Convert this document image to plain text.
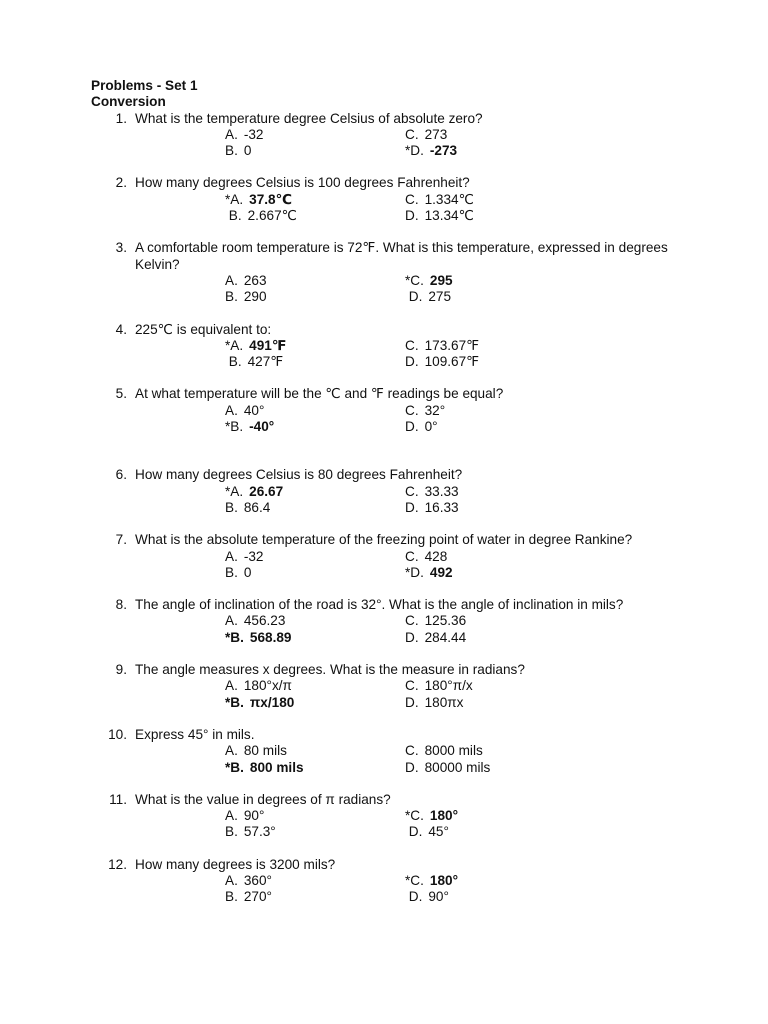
Problems - Set 1
Conversion
1. What is the temperature degree Celsius of absolute zero?
A. -32
B. 0
C. 273
*D. -273
2. How many degrees Celsius is 100 degrees Fahrenheit?
*A. 37.8℃
B. 2.667℃
C. 1.334℃
D. 13.34℃
3. A comfortable room temperature is 72℉. What is this temperature, expressed in degrees Kelvin?
A. 263
B. 290
*C. 295
D. 275
4. 225℃ is equivalent to:
*A. 491℉
B. 427℉
C. 173.67℉
D. 109.67℉
5. At what temperature will be the ℃ and ℉ readings be equal?
A. 40°
*B. -40°
C. 32°
D. 0°
6. How many degrees Celsius is 80 degrees Fahrenheit?
*A. 26.67
B. 86.4
C. 33.33
D. 16.33
7. What is the absolute temperature of the freezing point of water in degree Rankine?
A. -32
B. 0
C. 428
*D. 492
8. The angle of inclination of the road is 32°. What is the angle of inclination in mils?
A. 456.23
*B. 568.89
C. 125.36
D. 284.44
9. The angle measures x degrees. What is the measure in radians?
A. 180°x/π
*B. πx/180
C. 180°π/x
D. 180πx
10. Express 45° in mils.
A. 80 mils
*B. 800 mils
C. 8000 mils
D. 80000 mils
11. What is the value in degrees of π radians?
A. 90°
B. 57.3°
*C. 180°
D. 45°
12. How many degrees is 3200 mils?
A. 360°
B. 270°
*C. 180°
D. 90°
